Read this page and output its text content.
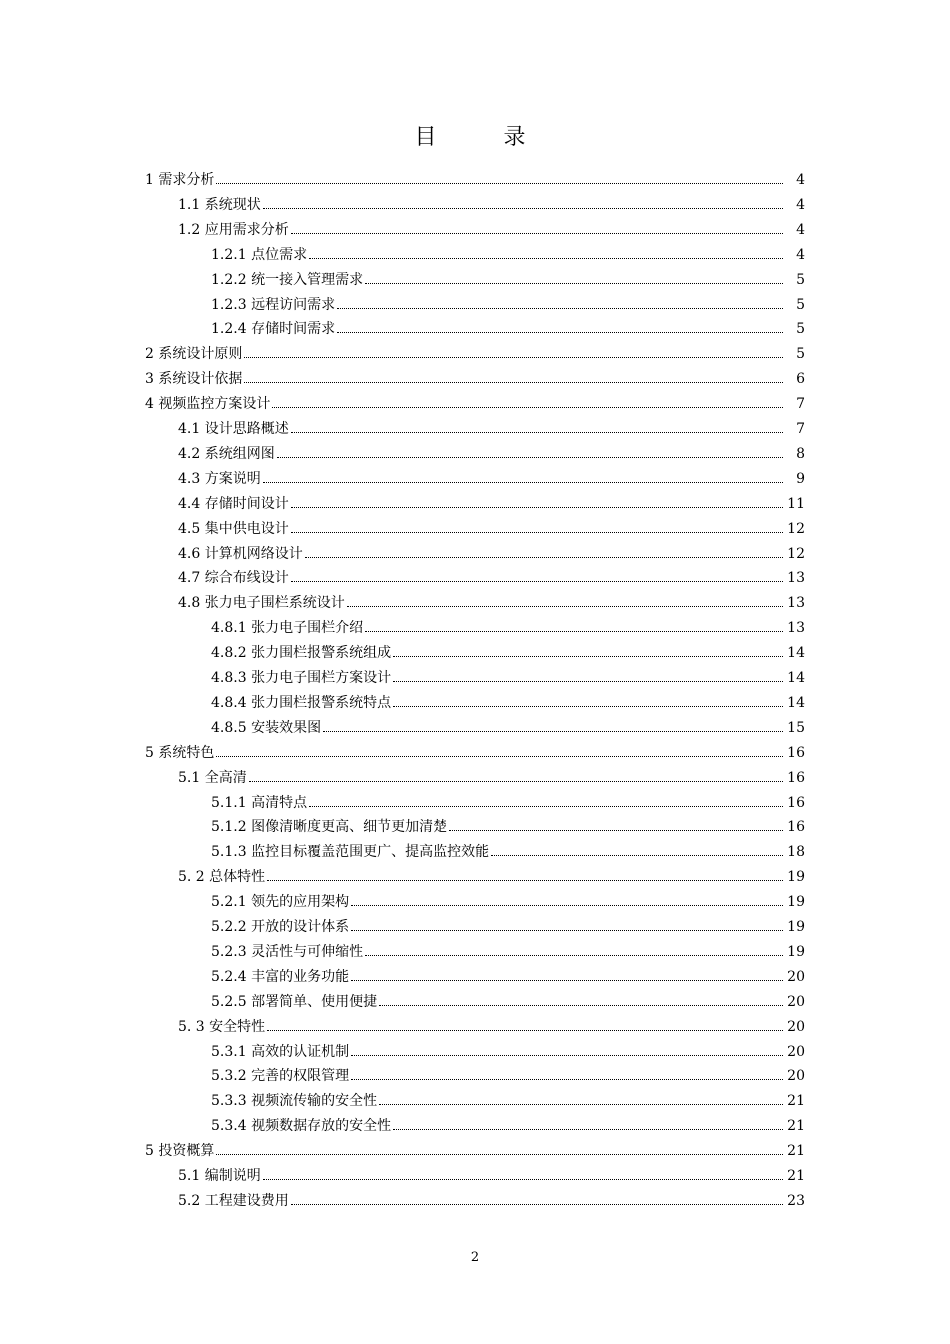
目 录
1 需求分析	4
1.1 系统现状	4
1.2 应用需求分析	4
1.2.1 点位需求	4
1.2.2 统一接入管理需求	5
1.2.3 远程访问需求	5
1.2.4 存储时间需求	5
2 系统设计原则	5
3 系统设计依据	6
4 视频监控方案设计	7
4.1 设计思路概述	7
4.2 系统组网图	8
4.3 方案说明	9
4.4 存储时间设计	11
4.5 集中供电设计	12
4.6 计算机网络设计	12
4.7 综合布线设计	13
4.8 张力电子围栏系统设计	13
4.8.1 张力电子围栏介绍	13
4.8.2 张力围栏报警系统组成	14
4.8.3 张力电子围栏方案设计	14
4.8.4 张力围栏报警系统特点	14
4.8.5 安装效果图	15
5 系统特色	16
5.1 全高清	16
5.1.1 高清特点	16
5.1.2 图像清晰度更高、细节更加清楚	16
5.1.3 监控目标覆盖范围更广、提高监控效能	18
5. 2 总体特性	19
5.2.1 领先的应用架构	19
5.2.2 开放的设计体系	19
5.2.3 灵活性与可伸缩性	19
5.2.4 丰富的业务功能	20
5.2.5 部署简单、使用便捷	20
5. 3 安全特性	20
5.3.1 高效的认证机制	20
5.3.2 完善的权限管理	20
5.3.3 视频流传输的安全性	21
5.3.4 视频数据存放的安全性	21
5 投资概算	21
5.1 编制说明	21
5.2 工程建设费用	23
2
